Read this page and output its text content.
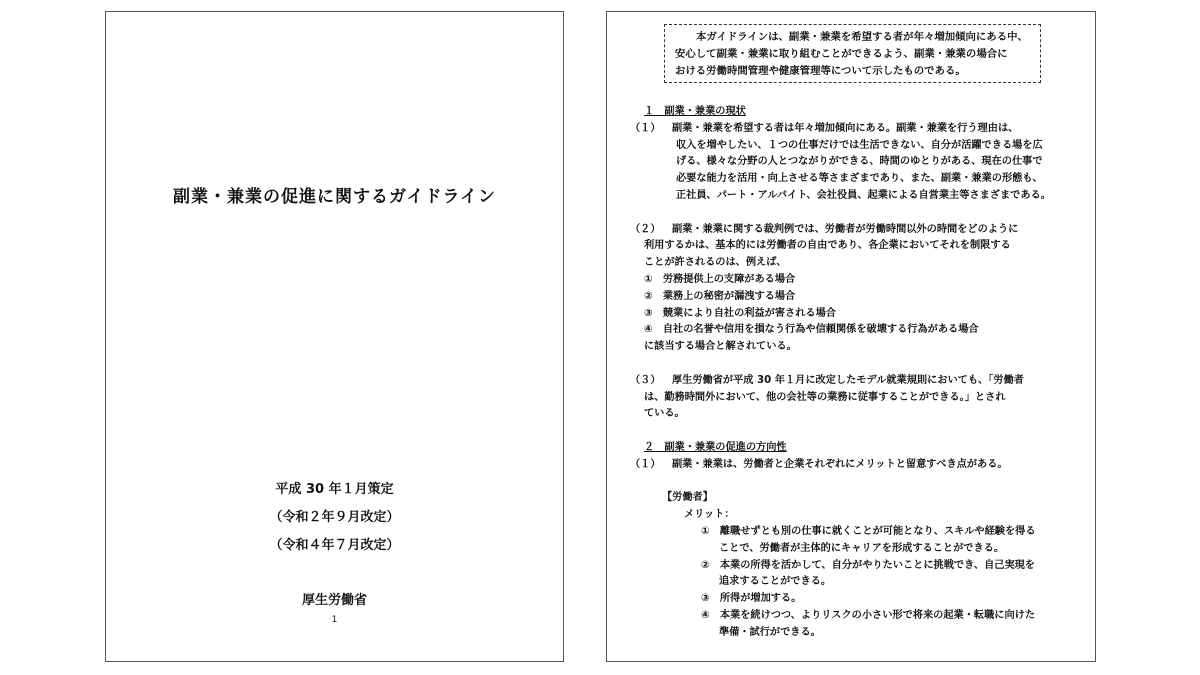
副業・兼業の促進に関するガイドライン
平成 30 年１月策定
（令和２年９月改定）
（令和４年７月改定）
厚生労働省
1

本ガイドラインは、副業・兼業を希望する者が年々増加傾向にある中、

安心して副業・兼業に取り組むことができるよう、副業・兼業の場合に

おける労働時間管理や健康管理等について示したものである。

１　副業・兼業の現状
（１） 副業・兼業を希望する者は年々増加傾向にある。副業・兼業を行う理由は、
収入を増やしたい、１つの仕事だけでは生活できない、自分が活躍できる場を広
げる、様々な分野の人とつながりができる、時間のゆとりがある、現在の仕事で
必要な能力を活用・向上させる等さまざまであり、また、副業・兼業の形態も、
正社員、パート・アルバイト、会社役員、起業による自営業主等さまざまである。
（２） 副業・兼業に関する裁判例では、労働者が労働時間以外の時間をどのように
利用するかは、基本的には労働者の自由であり、各企業においてそれを制限する
ことが許されるのは、例えば、
①　労務提供上の支障がある場合
②　業務上の秘密が漏洩する場合
③　競業により自社の利益が害される場合
④　自社の名誉や信用を損なう行為や信頼関係を破壊する行為がある場合
に該当する場合と解されている。
（３） 厚生労働省が平成 30 年１月に改定したモデル就業規則においても、「労働者
は、勤務時間外において、他の会社等の業務に従事することができる。」とされ
ている。
２　副業・兼業の促進の方向性
（１） 副業・兼業は、労働者と企業それぞれにメリットと留意すべき点がある。
【労働者】
メリット：
①　離職せずとも別の仕事に就くことが可能となり、スキルや経験を得る
ことで、労働者が主体的にキャリアを形成することができる。
②　本業の所得を活かして、自分がやりたいことに挑戦でき、自己実現を
追求することができる。
③　所得が増加する。
④　本業を続けつつ、よりリスクの小さい形で将来の起業・転職に向けた
準備・試行ができる。
